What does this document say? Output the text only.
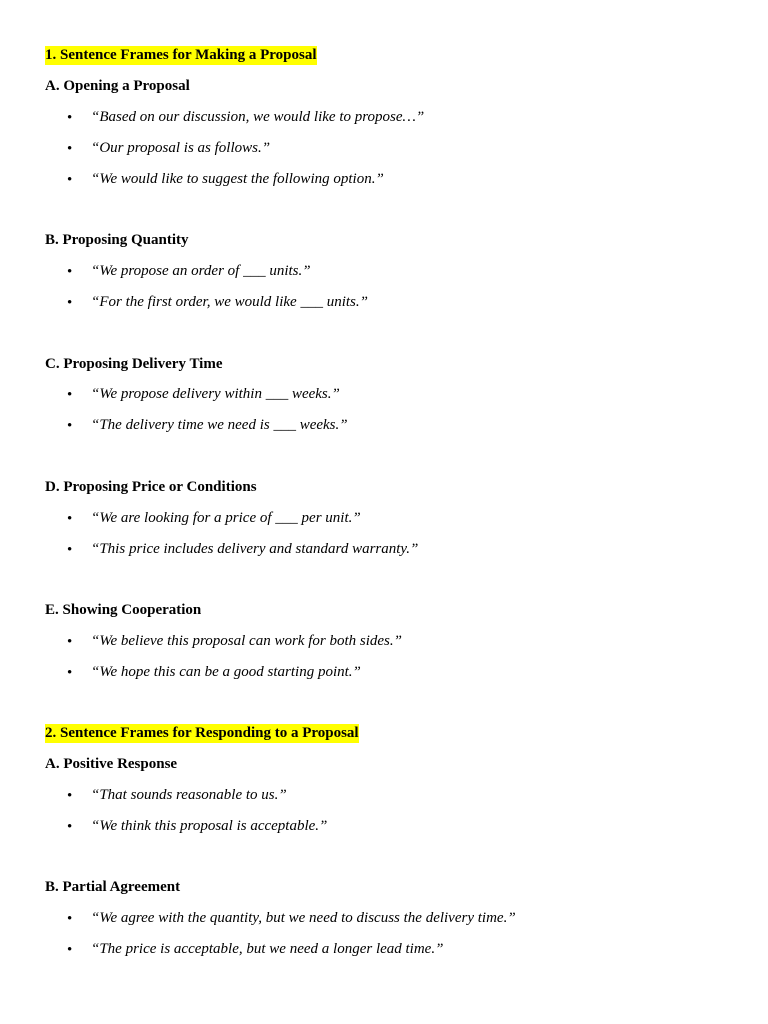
1. Sentence Frames for Making a Proposal
A. Opening a Proposal
• “Based on our discussion, we would like to propose…”
• “Our proposal is as follows.”
• “We would like to suggest the following option.”
B. Proposing Quantity
• “We propose an order of ___ units.”
• “For the first order, we would like ___ units.”
C. Proposing Delivery Time
• “We propose delivery within ___ weeks.”
• “The delivery time we need is ___ weeks.”
D. Proposing Price or Conditions
• “We are looking for a price of ___ per unit.”
• “This price includes delivery and standard warranty.”
E. Showing Cooperation
• “We believe this proposal can work for both sides.”
• “We hope this can be a good starting point.”
2. Sentence Frames for Responding to a Proposal
A. Positive Response
• “That sounds reasonable to us.”
• “We think this proposal is acceptable.”
B. Partial Agreement
• “We agree with the quantity, but we need to discuss the delivery time.”
• “The price is acceptable, but we need a longer lead time.”
